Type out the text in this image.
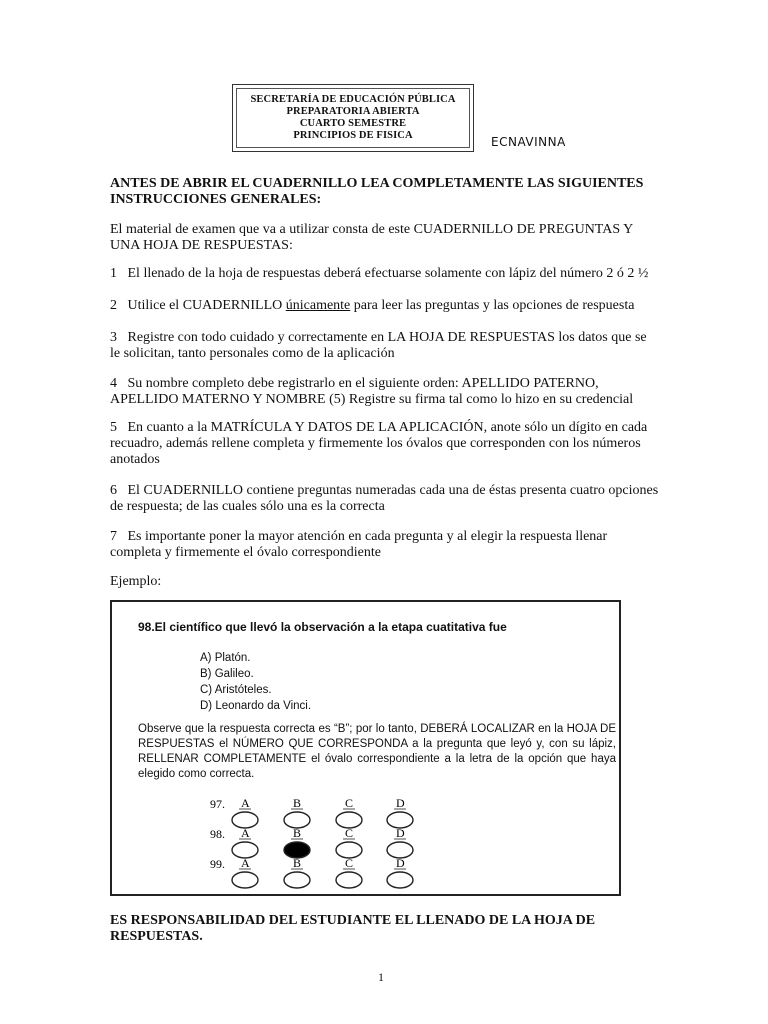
SECRETARÍA DE EDUCACIÓN PÚBLICA
PREPARATORIA ABIERTA
CUARTO SEMESTRE
PRINCIPIOS DE FISICA	ECNAVINNA
ANTES DE ABRIR EL CUADERNILLO LEA COMPLETAMENTE LAS SIGUIENTES INSTRUCCIONES GENERALES:
El material de examen que va a utilizar consta de este CUADERNILLO DE PREGUNTAS Y UNA HOJA DE RESPUESTAS:
1 El llenado de la hoja de respuestas deberá efectuarse solamente con lápiz del número 2 ó 2 ½
2 Utilice el CUADERNILLO únicamente para leer las preguntas y las opciones de respuesta
3 Registre con todo cuidado y correctamente en LA HOJA DE RESPUESTAS los datos que se le solicitan, tanto personales como de la aplicación
4 Su nombre completo debe registrarlo en el siguiente orden: APELLIDO PATERNO, APELLIDO MATERNO Y NOMBRE (5) Registre su firma tal como lo hizo en su credencial
5 En cuanto a la MATRÍCULA Y DATOS DE LA APLICACIÓN, anote sólo un dígito en cada recuadro, además rellene completa y firmemente los óvalos que corresponden con los números anotados
6 El CUADERNILLO contiene preguntas numeradas cada una de éstas presenta cuatro opciones de respuesta; de las cuales sólo una es la correcta
7 Es importante poner la mayor atención en cada pregunta y al elegir la respuesta llenar completa y firmemente el óvalo correspondiente
Ejemplo:
98.El científico que llevó la observación a la etapa cuatitativa fue
A) Platón.
B) Galileo.
C) Aristóteles.
D) Leonardo da Vinci.
Observe que la respuesta correcta es “B”; por lo tanto, DEBERÁ LOCALIZAR en la HOJA DE RESPUESTAS el NÚMERO QUE CORRESPONDA a la pregunta que leyó y, con su lápiz, RELLENAR COMPLETAMENTE el óvalo correspondiente a la letra de la opción que haya elegido como correcta.
97. A	B	C	D
98. A	B	C	D
99. A	B	C	D
ES RESPONSABILIDAD DEL ESTUDIANTE EL LLENADO DE LA HOJA DE RESPUESTAS.
1
